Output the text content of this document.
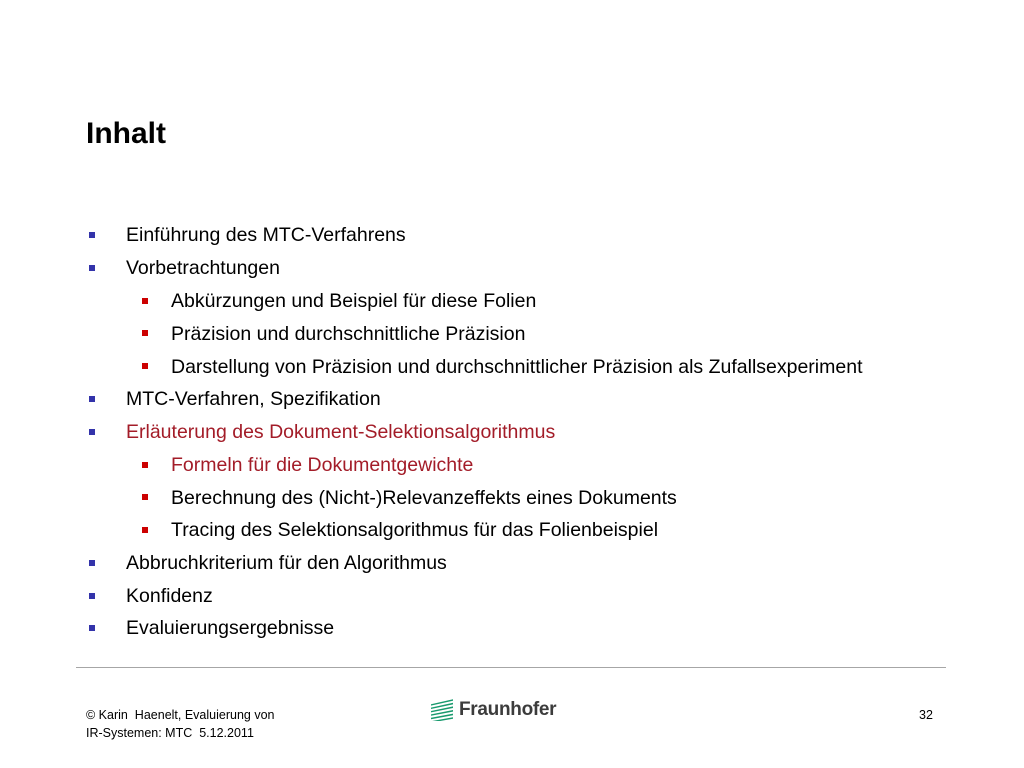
Inhalt
Einführung des MTC-Verfahrens
Vorbetrachtungen
Abkürzungen und Beispiel für diese Folien
Präzision und durchschnittliche Präzision
Darstellung von Präzision und durchschnittlicher Präzision als Zufallsexperiment
MTC-Verfahren, Spezifikation
Erläuterung des Dokument-Selektionsalgorithmus
Formeln für die Dokumentgewichte
Berechnung des (Nicht-)Relevanzeffekts eines Dokuments
Tracing des Selektionsalgorithmus für das Folienbeispiel
Abbruchkriterium für den Algorithmus
Konfidenz
Evaluierungsergebnisse
© Karin  Haenelt, Evaluierung von
IR-Systemen: MTC  5.12.2011
Fraunhofer	32
